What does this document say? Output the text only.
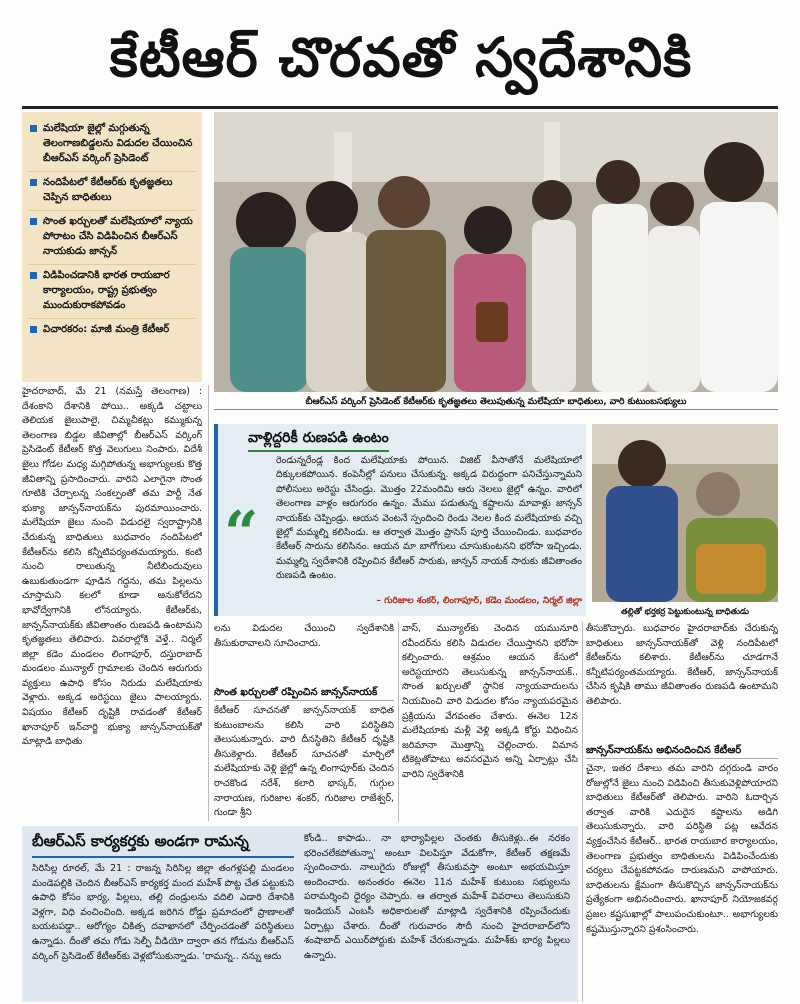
కేటీఆర్ చొరవతో స్వదేశానికి
మలేషియా జైల్లో మగ్గుతున్న తెలంగాణబిడ్డలను విడుదల చేయించిన బీఆర్ఎస్ వర్కింగ్ ప్రెసిడెంట్
నందిపేటలో కేటీఆర్‌కు కృతజ్ఞతలు చెప్పిన బాధితులు
సొంత ఖర్చులతో మలేషియాలో న్యాయ పోరాటం చేసి విడిపించిన బీఆర్ఎస్ నాయకుడు జాన్సన్
విడిపించడానికి భారత రాయబార కార్యాలయం, రాష్ట్ర ప్రభుత్వం ముందుకురాకపోవడం
విచారకరం: మాజీ మంత్రి కేటీఆర్
బీఆర్ఎస్ వర్కింగ్ ప్రెసిడెంట్ కేటీఆర్‌కు కృతజ్ఞతలు తెలుపుతున్న మలేషియా బాధితులు, వారి కుటుంబసభ్యులు

హైదరాబాద్, మే 21 (నమస్తే తెలంగాణ) : దేశంకాని దేశానికి పోయి.. అక్కడి చట్టాలు తెలియక జైలుపాలై, చిమ్మచీకట్లు కమ్ముకున్న తెలంగాణ బిడ్డల జీవితాల్లో బీఆర్ఎస్ వర్కింగ్ ప్రెసిడెంట్ కేటీఆర్ కొత్త వెలుగులు నింపారు. విదేశీ జైలు గోడల మధ్య మగ్గిపోతున్న అభాగ్యులకు కొత్త జీవితాన్ని ప్రసాదించారు. వారిని ఎలాగైనా సొంత గూటికి చేర్చాలన్న సంకల్పంతో తమ పార్టీ నేత భుక్యా జాన్సన్‌నాయక్‌ను పురమాయించారు. మలేషియా జైలు నుంచి విడుదలై స్వరాష్ట్రానికి చేరుకున్న బాధితులు బుధవారం నందిపేటలో కేటీఆర్‌ను కలిసి కన్నీటిపర్యంతమయ్యారు. కంటి నుంచి రాలుతున్న నీటిబిందువులు ఉబుకుతుండగా పూడిన గద్దను, తమ పిల్లలను చూస్తామని కలలో కూడా అనుకోలేదని భావోద్వేగానికి లోనయ్యారు. కేటీఆర్‌కు, జాన్సన్‌నాయక్‌కు జీవితాంతం రుణపడి ఉంటామని కృతజ్ఞతలు తెలిపారు. వివరాల్లోకి వెళ్తే.. నిర్మల్ జిల్లా కడెం మండలం లింగాపూర్, దస్తురాబాద్ మండలం మున్యాల్ గ్రామాలకు చెందిన ఆరుగురు వ్యక్తులు ఉపాధి కోసం నిరుడు మలేషియాకు వెళ్లారు. అక్కడ అరెస్టయి జైలు పాలయ్యారు. విషయం కేటీఆర్ దృష్టికి రావడంతో కేటీఆర్ ఖానాపూర్ ఇన్‌చార్జి భుక్యా జాన్సన్‌నాయక్‌తో మాట్లాడి బాధితు

వాళ్లిద్దరికీ రుణపడి ఉంటం
“
రెండున్నరేండ్ల కింద మలేషియాకు పోయిన. విజిట్ వీసాతోనే మలేషియాలో దిక్కులకపోయిన. కంపెనీల్లో పనులు చేసుకున్న. అక్కడ విరుద్ధంగా పనిచేస్తున్నామని పోలీసులు అరెస్టు చేసిండ్రు. మొత్తం 22మందిమి ఆరు నెలలు జైల్లో ఉన్నం. వారిలో తెలంగాణ వాళ్లం ఆరుగురం ఉన్నం. మేము పడుతున్న కష్టాలను మావాళ్లు జాన్సన్ నాయక్‌కు చెప్పిండ్రు. ఆయన వెంటనే స్పందించి రెండు నెలల కింద మలేషియాకు వచ్చి జైల్లో మమ్మల్ని కలిసిండు. ఆ తర్వాత మొత్తం ప్రాసెస్ పూర్తి చేయించిండు. బుధవారం కేటీఆర్ సారును కలిసినం. ఆయన మా బాగోగులు చూసుకుంటనని భరోసా ఇచ్చిండు. మమ్మల్ని స్వదేశానికి రప్పించిన కేటీఆర్ సారుకు, జాన్సన్ నాయక్ సారుకు జీవితాంతం రుణపడి ఉంటం.
– గురిజాల శంకర్, లింగాపూర్, కడెం మండలం, నిర్మల్ జిల్లా
తల్లితో భర్తకర్ర పెట్టుకుంటున్న బాధితుడు

లను విడుదల చేయించి స్వదేశానికి తీసుకురావాలని సూచించారు.

సొంత ఖర్చులతో రప్పించిన జాన్సన్‌నాయక్

కేటీఆర్ సూచనతో జాన్సన్‌నాయక్ బాధిత కుటుంబాలను కలిసి వారి పరిస్థితిని తెలుసుకున్నారు. వారి దీనస్థితిని కేటీఆర్ దృష్టికి తీసుకెళ్లారు. కేటీఆర్ సూచనతో మార్చిలో మలేషియాకు వెళ్లి జైల్లో ఉన్న లింగాపూర్‌కు చెందిన రాచకొండ నరేశ్, కలారి భాస్కర్, గుగ్గుల నారాయణ, గురిజాల శంకర్, గురిజాల రాజేశ్వర్, గుండా శ్రీని

వాస్, మున్యాల్‌కు చెందిన యమునూరి రవీందర్‌ను కలిసి విడుదల చేయిస్తానని భరోసా కల్పించారు. ఆశ్రమం ఆయన కేసులో అరెస్టయారని తెలుసుకున్న జాన్సన్‌నాయక్.. సొంత ఖర్చులతో స్థానిక న్యాయవాదులను నియమించి వారి విడుదల కోసం న్యాయపరమైన ప్రక్రియను వేగవంతం చేశారు. ఈనెల 12న మలేషియాకు మళ్లీ వెళ్లి అక్కడి కోర్టు విధించిన జరిమానా మొత్తాన్ని చెల్లించారు. విమాన టికెట్లతోపాటు అవసరమైన అన్ని ఏర్పాట్లు చేసి వారిని స్వదేశానికి

తీసుకొచ్చారు. బుధవారం హైదరాబాద్‌కు చేరుకున్న బాధితులు జాన్సన్‌నాయక్‌తో వెళ్లి నందిపేటలో కేటీఆర్‌ను కలిశారు. కేటీఆర్‌ను చూడగానే కన్నీటిపర్యంతమయ్యారు. కేటీఆర్, జాన్సన్‌నాయక్ చేసిన కృషికి తాము జీవితాంతం రుణపడి ఉంటామని తెలిపారు.

జాన్సన్‌నాయక్‌ను అభినందించిన కేటీఆర్

చైనా, ఇతర దేశాలు తమ వారిని దగ్గరుండి వారం రోజుల్లోనే జైలు నుంచి విడిపించి తీసుకువెళ్లిపోయారని బాధితులు కేటీఆర్‌తో తెలిపారు. వారిని ఓదార్చిన తర్వాత వారికి ఎదురైన కష్టాలను అడిగి తెలుసుకున్నారు. వారి పరిస్థితి పట్ల ఆవేదన వ్యక్తంచేసిన కేటీఆర్.. భారత రాయబార కార్యాలయం, తెలంగాణ ప్రభుత్వం బాధితులను విడిపించేందుకు చర్యలు చేపట్టకపోవడం దారుణమని వాపోయారు. బాధితులను క్షేమంగా తీసుకొచ్చిన జాన్సన్‌నాయక్‌ను ప్రత్యేకంగా అభినందించారు. ఖానాపూర్ నియోజకవర్గ ప్రజల కష్టసుఖాల్లో పాలుపంచుకుంటూ.. అభాగ్యులకు కష్టమొస్తున్నారని ప్రశంసించారు.

బీఆర్ఎస్ కార్యకర్తకు అండగా రామన్న
సిరిసిల్ల రూరల్, మే 21 : రాజన్న సిరిసిల్ల జిల్లా తంగళ్లపల్లి మండలం మండెపల్లికి చెందిన బీఆర్ఎస్ కార్యకర్త మంద మహేశ్ పొట్ట చేత పట్టుకుని ఉపాధి కోసం భార్య, పిల్లలు, తల్లి దండ్రులను వదిలి ఎడారి దేశానికి వెళ్లగా, విధి వంచించింది. అక్కడ జరిగిన రోడ్డు ప్రమాదంలో ప్రాణాలతో బయటపడ్డా.. ఆరోగ్యం చికిత్స దవాఖానలో చేర్పించడంతో పరిస్థితులు ఉన్నాడు. దీంతో తమ గోడు సెల్ఫీ వీడియో ద్వారా తన గోడును బీఆర్ఎస్ వర్కింగ్ ప్రెసిడెంట్ కేటీఆర్‌కు వెళ్లబోసుకున్నాడు. 'రామన్న.. నన్ను ఆదు
కోండి.. కాపాడు.. నా భార్యాపిల్లల చెంతకు తీసుకెళ్లు..ఈ నరకం భరించలేకపోతున్నా' అంటూ విలపిస్తూ వేడుకోగా, కేటీఆర్ తక్షణమే స్పందించారు. నాలుగైదు రోజుల్లో తీసుకువస్తా అంటూ అభయమిస్తూ అందించారు. అనంతరం ఈనెల 11న మహేశ్ కుటుంబ సభ్యులను పరామర్శించి ధైర్యం చెప్పారు. ఆ తర్వాత మహేశ్ వివరాలు తెలుసుకుని ఇండియన్ ఎంబసీ అధికారులతో మాట్లాడి స్వదేశానికి రప్పించేందుకు ఏర్పాట్లు చేశారు. దీంతో గురువారం సౌదీ నుంచి హైదరాబాద్‌లోని శంషాబాద్ ఎయిర్‌పోర్టుకు మహేశ్ చేరుకున్నాడు. మహేశ్‌కు భార్య పిల్లలు ఉన్నారు.
